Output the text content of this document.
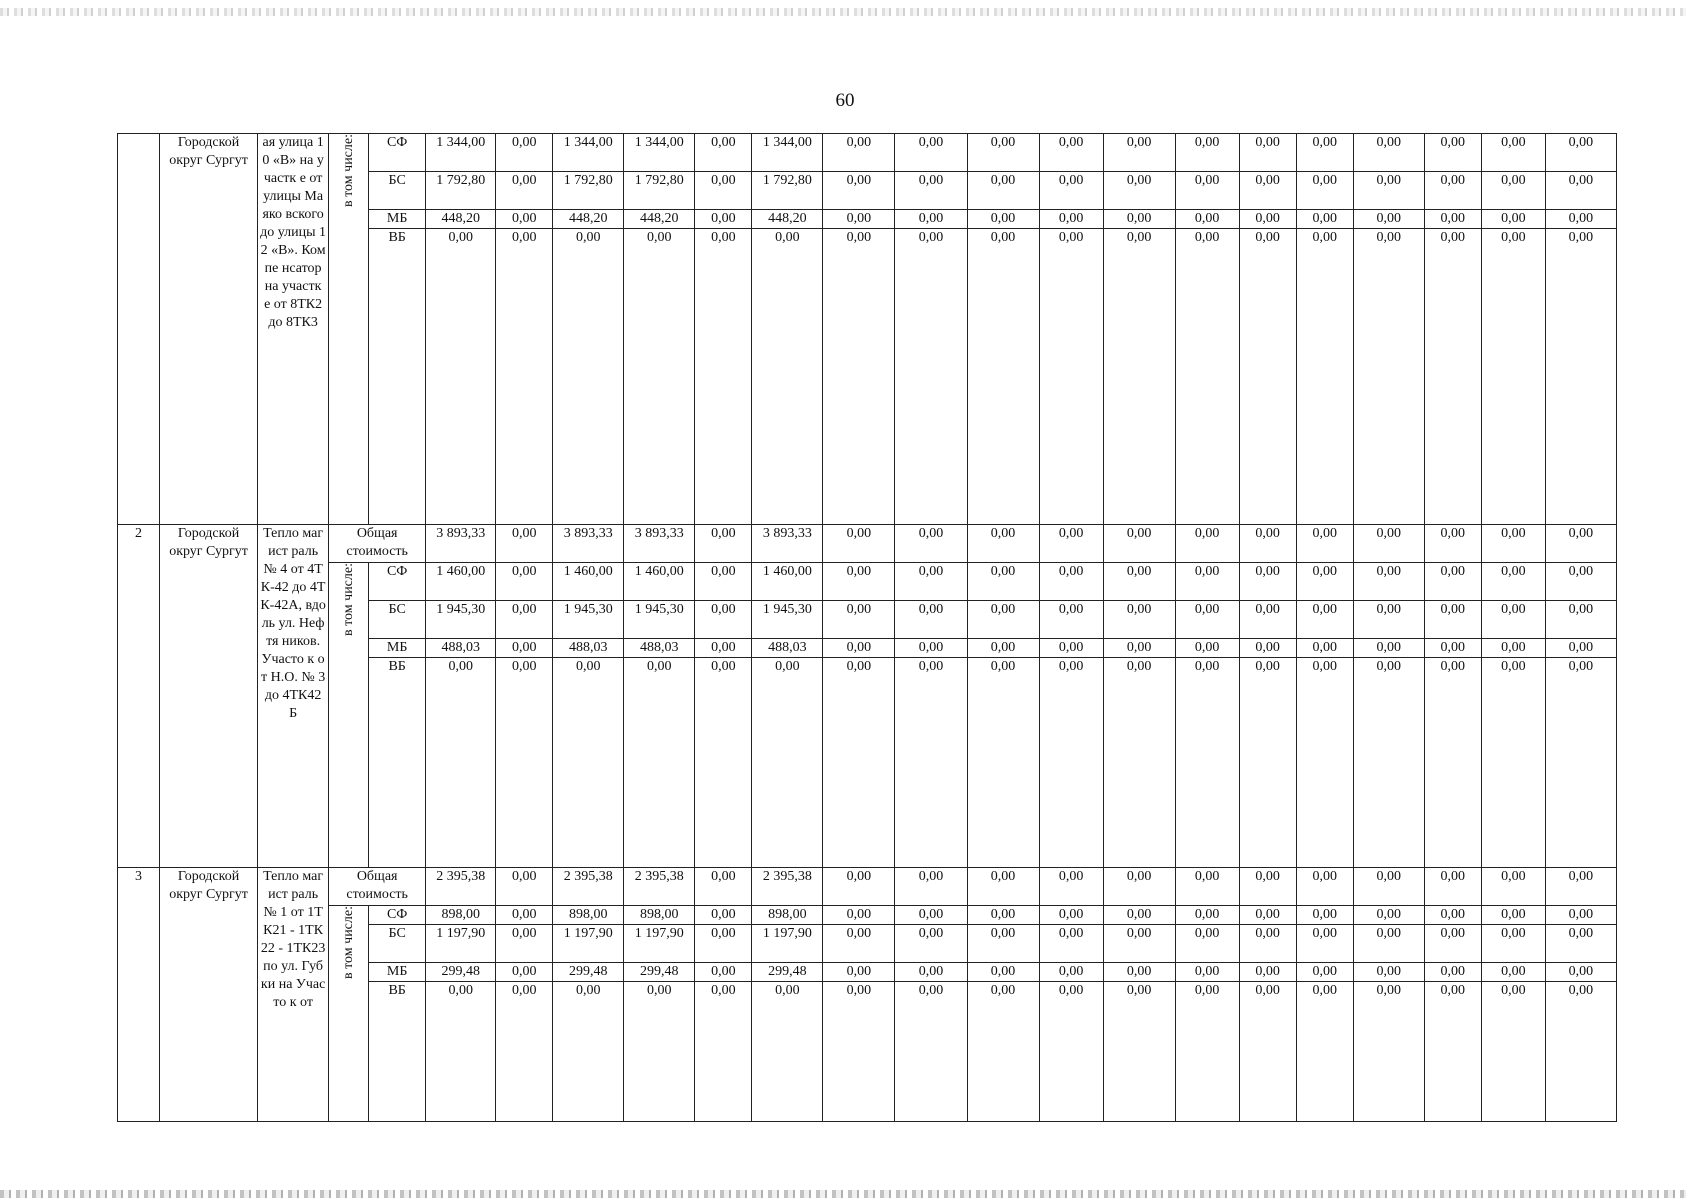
60
	Городской округ Сургут	ая улица 10 «В» на участк е от улицы Маяко вского до улицы 12 «В». Компе нсатор на участк е от 8ТК2 до 8ТК3	в том числе:	СФ	1 344,00	0,00	1 344,00	1 344,00	0,00	1 344,00	0,00	0,00	0,00	0,00	0,00	0,00	0,00	0,00	0,00	0,00	0,00	0,00
				БС	1 792,80	0,00	1 792,80	1 792,80	0,00	1 792,80	0,00	0,00	0,00	0,00	0,00	0,00	0,00	0,00	0,00	0,00	0,00	0,00
				МБ	448,20	0,00	448,20	448,20	0,00	448,20	0,00	0,00	0,00	0,00	0,00	0,00	0,00	0,00	0,00	0,00	0,00	0,00
				ВБ	0,00	0,00	0,00	0,00	0,00	0,00	0,00	0,00	0,00	0,00	0,00	0,00	0,00	0,00	0,00	0,00	0,00	0,00
2	Городской округ Сургут	Тепло магист раль № 4 от 4ТК-42 до 4ТК-42А, вдоль ул. Нефтя ников. Участо к от Н.О. № 3 до 4ТК42 Б	Общая стоимость		3 893,33	0,00	3 893,33	3 893,33	0,00	3 893,33	0,00	0,00	0,00	0,00	0,00	0,00	0,00	0,00	0,00	0,00	0,00	0,00
			в том числе:	СФ	1 460,00	0,00	1 460,00	1 460,00	0,00	1 460,00	0,00	0,00	0,00	0,00	0,00	0,00	0,00	0,00	0,00	0,00	0,00	0,00
				БС	1 945,30	0,00	1 945,30	1 945,30	0,00	1 945,30	0,00	0,00	0,00	0,00	0,00	0,00	0,00	0,00	0,00	0,00	0,00	0,00
				МБ	488,03	0,00	488,03	488,03	0,00	488,03	0,00	0,00	0,00	0,00	0,00	0,00	0,00	0,00	0,00	0,00	0,00	0,00
				ВБ	0,00	0,00	0,00	0,00	0,00	0,00	0,00	0,00	0,00	0,00	0,00	0,00	0,00	0,00	0,00	0,00	0,00	0,00
3	Городской округ Сургут	Тепло магист раль № 1 от 1ТК21 - 1ТК22 - 1ТК23 по ул. Губки на Участо к от	Общая стоимость		2 395,38	0,00	2 395,38	2 395,38	0,00	2 395,38	0,00	0,00	0,00	0,00	0,00	0,00	0,00	0,00	0,00	0,00	0,00	0,00
			в том числе:	СФ	898,00	0,00	898,00	898,00	0,00	898,00	0,00	0,00	0,00	0,00	0,00	0,00	0,00	0,00	0,00	0,00	0,00	0,00
				БС	1 197,90	0,00	1 197,90	1 197,90	0,00	1 197,90	0,00	0,00	0,00	0,00	0,00	0,00	0,00	0,00	0,00	0,00	0,00	0,00
				МБ	299,48	0,00	299,48	299,48	0,00	299,48	0,00	0,00	0,00	0,00	0,00	0,00	0,00	0,00	0,00	0,00	0,00	0,00
				ВБ	0,00	0,00	0,00	0,00	0,00	0,00	0,00	0,00	0,00	0,00	0,00	0,00	0,00	0,00	0,00	0,00	0,00	0,00
